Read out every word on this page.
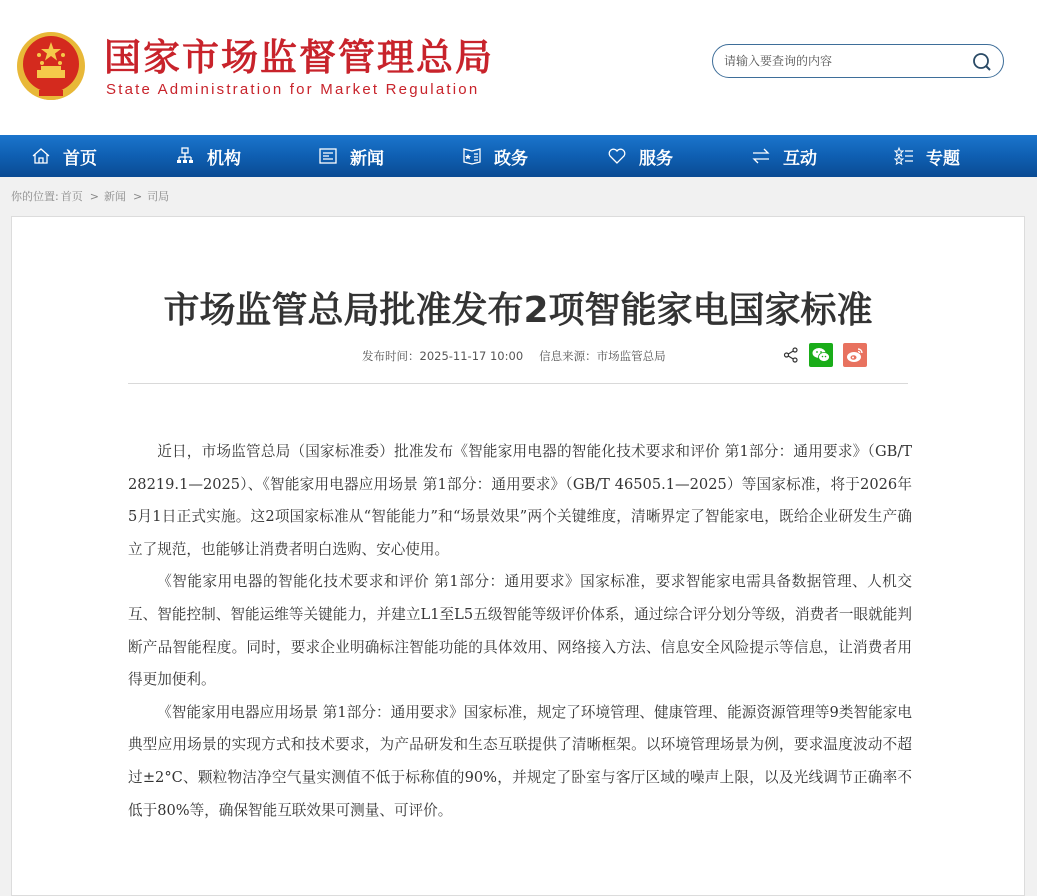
国家市场监督管理总局
State Administration for Market Regulation
请输入要查询的内容
首页	机构	新闻	政务	服务	互动	专题
你的位置: 首页 > 新闻 > 司局
市场监管总局批准发布2项智能家电国家标准
发布时间：2025-11-17 10:00 信息来源：市场监管总局

近日，市场监管总局（国家标准委）批准发布《智能家用电器的智能化技术要求和评价 第1部分：通用要求》（GB/T 28219.1—2025）、《智能家用电器应用场景 第1部分：通用要求》（GB/T 46505.1—2025）等国家标准，将于2026年5月1日正式实施。这2项国家标准从“智能能力”和“场景效果”两个关键维度，清晰界定了智能家电，既给企业研发生产确立了规范，也能够让消费者明白选购、安心使用。

《智能家用电器的智能化技术要求和评价 第1部分：通用要求》国家标准，要求智能家电需具备数据管理、人机交互、智能控制、智能运维等关键能力，并建立L1至L5五级智能等级评价体系，通过综合评分划分等级，消费者一眼就能判断产品智能程度。同时，要求企业明确标注智能功能的具体效用、网络接入方法、信息安全风险提示等信息，让消费者用得更加便利。

《智能家用电器应用场景 第1部分：通用要求》国家标准，规定了环境管理、健康管理、能源资源管理等9类智能家电典型应用场景的实现方式和技术要求，为产品研发和生态互联提供了清晰框架。以环境管理场景为例，要求温度波动不超过±2°C、颗粒物洁净空气量实测值不低于标称值的90%，并规定了卧室与客厅区域的噪声上限，以及光线调节正确率不低于80%等，确保智能互联效果可测量、可评价。
